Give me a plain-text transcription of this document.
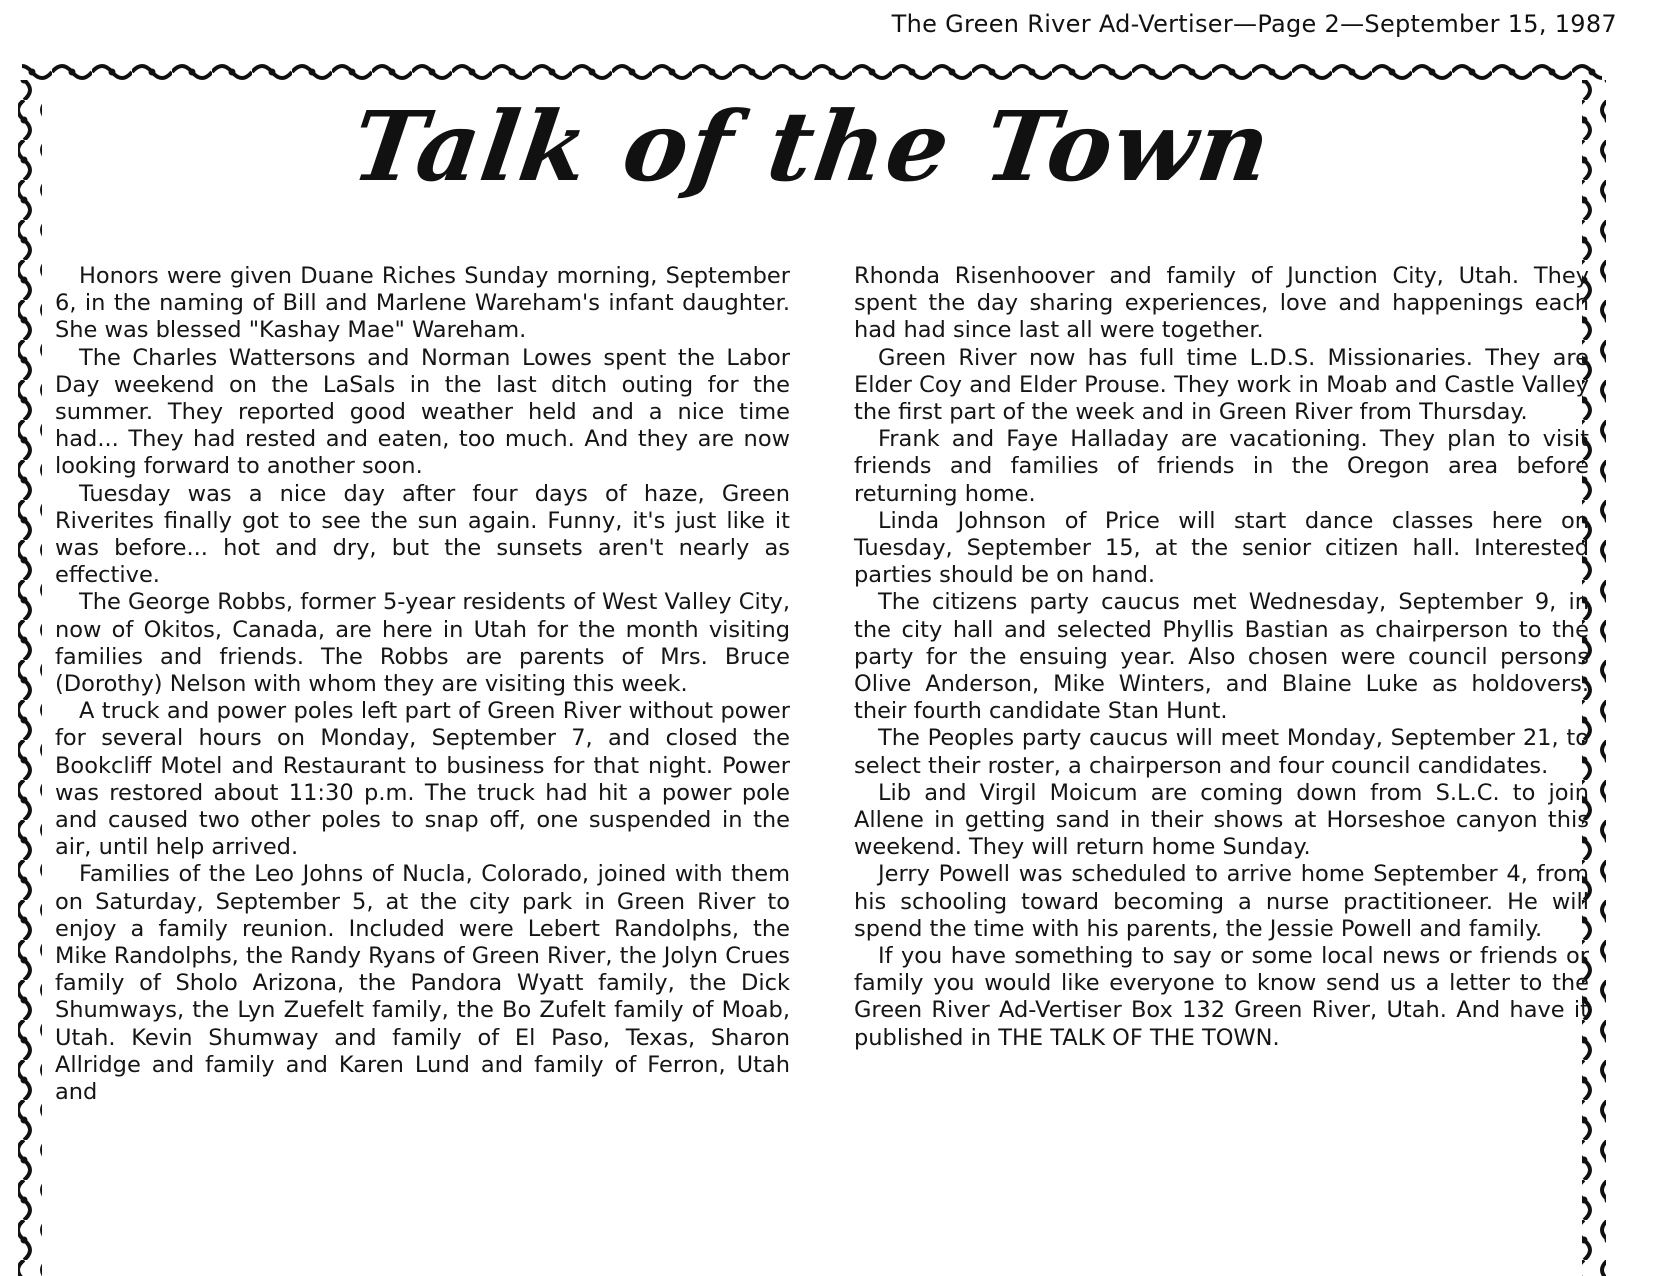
The Green River Ad-Vertiser—Page 2—September 15, 1987
Talk of the Town

Honors were given Duane Riches Sunday morning, September 6, in the naming of Bill and Marlene Wareham's infant daughter. She was blessed "Kashay Mae" Wareham.

The Charles Wattersons and Norman Lowes spent the Labor Day weekend on the LaSals in the last ditch outing for the summer. They reported good weather held and a nice time had... They had rested and eaten, too much. And they are now looking forward to another soon.

Tuesday was a nice day after four days of haze, Green Riverites finally got to see the sun again. Funny, it's just like it was before... hot and dry, but the sunsets aren't nearly as effective.

The George Robbs, former 5-year residents of West Valley City, now of Okitos, Canada, are here in Utah for the month visiting families and friends. The Robbs are parents of Mrs. Bruce (Dorothy) Nelson with whom they are visiting this week.

A truck and power poles left part of Green River without power for several hours on Monday, September 7, and closed the Bookcliff Motel and Restaurant to business for that night. Power was restored about 11:30 p.m. The truck had hit a power pole and caused two other poles to snap off, one suspended in the air, until help arrived.

Families of the Leo Johns of Nucla, Colorado, joined with them on Saturday, September 5, at the city park in Green River to enjoy a family reunion. Included were Lebert Randolphs, the Mike Randolphs, the Randy Ryans of Green River, the Jolyn Crues family of Sholo Arizona, the Pandora Wyatt family, the Dick Shumways, the Lyn Zuefelt family, the Bo Zufelt family of Moab, Utah. Kevin Shumway and family of El Paso, Texas, Sharon Allridge and family and Karen Lund and family of Ferron, Utah and

Rhonda Risenhoover and family of Junction City, Utah. They spent the day sharing experiences, love and happenings each had had since last all were together.

Green River now has full time L.D.S. Missionaries. They are Elder Coy and Elder Prouse. They work in Moab and Castle Valley the first part of the week and in Green River from Thursday.

Frank and Faye Halladay are vacationing. They plan to visit friends and families of friends in the Oregon area before returning home.

Linda Johnson of Price will start dance classes here on Tuesday, September 15, at the senior citizen hall. Interested parties should be on hand.

The citizens party caucus met Wednesday, September 9, in the city hall and selected Phyllis Bastian as chairperson to the party for the ensuing year. Also chosen were council persons Olive Anderson, Mike Winters, and Blaine Luke as holdovers. their fourth candidate Stan Hunt.

The Peoples party caucus will meet Monday, September 21, to select their roster, a chairperson and four council candidates.

Lib and Virgil Moicum are coming down from S.L.C. to join Allene in getting sand in their shows at Horseshoe canyon this weekend. They will return home Sunday.

Jerry Powell was scheduled to arrive home September 4, from his schooling toward becoming a nurse practitioneer. He will spend the time with his parents, the Jessie Powell and family.

If you have something to say or some local news or friends or family you would like everyone to know send us a letter to the Green River Ad-Vertiser Box 132 Green River, Utah. And have it published in THE TALK OF THE TOWN.
